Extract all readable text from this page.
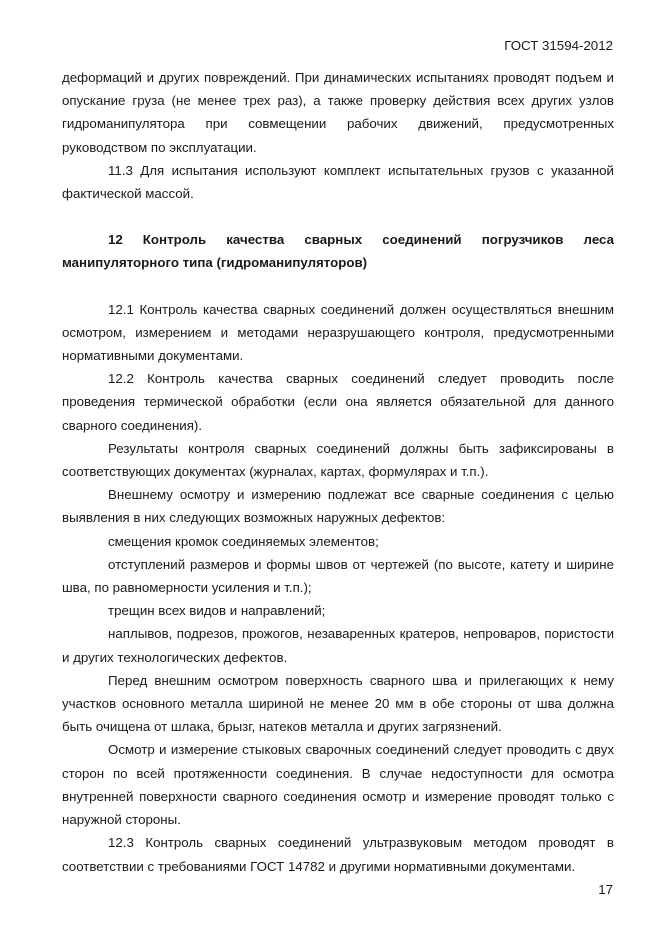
ГОСТ 31594-2012

деформаций и других повреждений. При динамических испытаниях проводят подъем и опускание груза (не менее трех раз), а также проверку действия всех других узлов гидроманипулятора при совмещении рабочих движений, предусмотренных руководством по эксплуатации.

11.3 Для испытания используют комплект испытательных грузов с указанной фактической массой.

12 Контроль качества сварных соединений погрузчиков леса манипуляторного типа (гидроманипуляторов)

12.1 Контроль качества сварных соединений должен осуществляться внешним осмотром, измерением и методами неразрушающего контроля, предусмотренными нормативными документами.

12.2 Контроль качества сварных соединений следует проводить после проведения термической обработки (если она является обязательной для данного сварного соединения).

Результаты контроля сварных соединений должны быть зафиксированы в соответствующих документах (журналах, картах, формулярах и т.п.).

Внешнему осмотру и измерению подлежат все сварные соединения с целью выявления в них следующих возможных наружных дефектов:

смещения кромок соединяемых элементов;

отступлений размеров и формы швов от чертежей (по высоте, катету и ширине шва, по равномерности усиления и т.п.);

трещин всех видов и направлений;

наплывов, подрезов, прожогов, незаваренных кратеров, непроваров, пористости и других технологических дефектов.

Перед внешним осмотром поверхность сварного шва и прилегающих к нему участков основного металла шириной не менее 20 мм в обе стороны от шва должна быть очищена от шлака, брызг, натеков металла и других загрязнений.

Осмотр и измерение стыковых сварочных соединений следует проводить с двух сторон по всей протяженности соединения. В случае недоступности для осмотра внутренней поверхности сварного соединения осмотр и измерение проводят только с наружной стороны.

12.3 Контроль сварных соединений ультразвуковым методом проводят в соответствии с требованиями ГОСТ 14782 и другими нормативными документами.

17
